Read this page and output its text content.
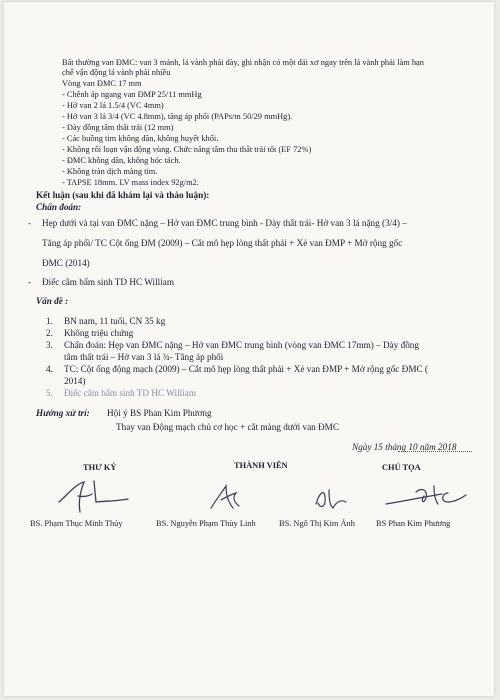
Bất thường van ĐMC: van 3 mảnh, lá vành phải dày, ghi nhận có một dải xơ ngay trên lá vành phải làm hạn
chế vận động lá vành phải nhiều
Vòng van ĐMC 17 mm
- Chênh áp ngang van ĐMP 25/11 mmHg
- Hở van 2 lá 1.5/4 (VC 4mm)
- Hở van 3 lá 3/4 (VC 4.8mm), tăng áp phổi (PAPs/m 50/29 mmHg).
- Dày đồng tâm thất trái (12 mm)
- Các buồng tim không dãn, không huyết khối.
- Không rối loạn vận động vùng. Chức năng tâm thu thất trái tốt (EF 72%)
- ĐMC không dãn, không bóc tách.
- Không tràn dịch màng tim.
- TAPSE 18mm. LV mass index 92g/m2.
Kết luận (sau khi đã khám lại và thảo luận):
Chẩn đoán:
- Hẹp dưới và tại van ĐMC nặng – Hở van ĐMC trung bình - Dày thất trái- Hở van 3 lá nặng (3/4) –
Tăng áp phổi/ TC Cột ống ĐM (2009) – Cắt mô hẹp lòng thất phải + Xẻ van ĐMP + Mở rộng gốc
ĐMC (2014)
- Điếc câm bẩm sinh TD HC William
Vấn đề :
1. BN nam, 11 tuổi, CN 35 kg
2. Không triệu chứng
3. Chẩn đoán: Hẹp van ĐMC nặng – Hở van ĐMC trung bình (vòng van ĐMC 17mm) – Dày đồng
tâm thất trái – Hở van 3 lá ¾- Tăng áp phổi
4. TC: Cột ống động mạch (2009) – Cắt mô hẹp lòng thất phải + Xẻ van ĐMP + Mở rộng gốc ĐMC (
2014)
5. Điếc câm bẩm sinh TD HC William
Hướng xử trí: Hội ý BS Phan Kim Phương
Thay van Động mạch chủ cơ học + cắt màng dưới van ĐMC
Ngày 15 tháng 10 năm 2018
THƯ KÝ	THÀNH VIÊN	CHỦ TỌA
BS. Phạm Thục Minh Thủy	BS. Nguyễn Phạm Thùy Linh	BS. Ngô Thị Kim Ánh	BS Phan Kim Phương
